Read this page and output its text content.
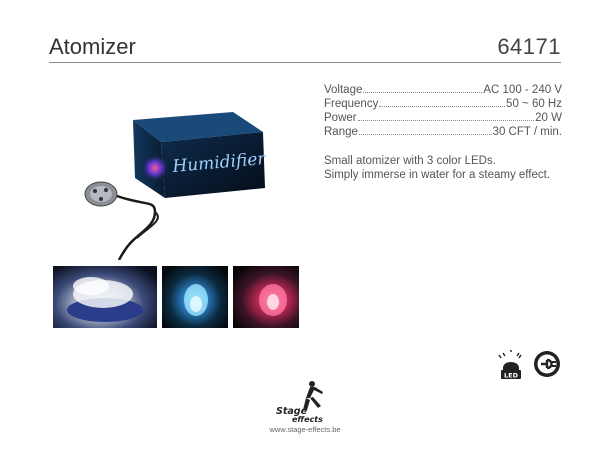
Atomizer	64171
Voltage	AC 100 - 240 V
Frequency	50 ~ 60 Hz
Power	20 W
Range	30 CFT / min.
Small atomizer with 3 color LEDs.
Simply immerse in water for a steamy effect.
Humidifier
LED
Stage
effects
www.stage-effects.be
